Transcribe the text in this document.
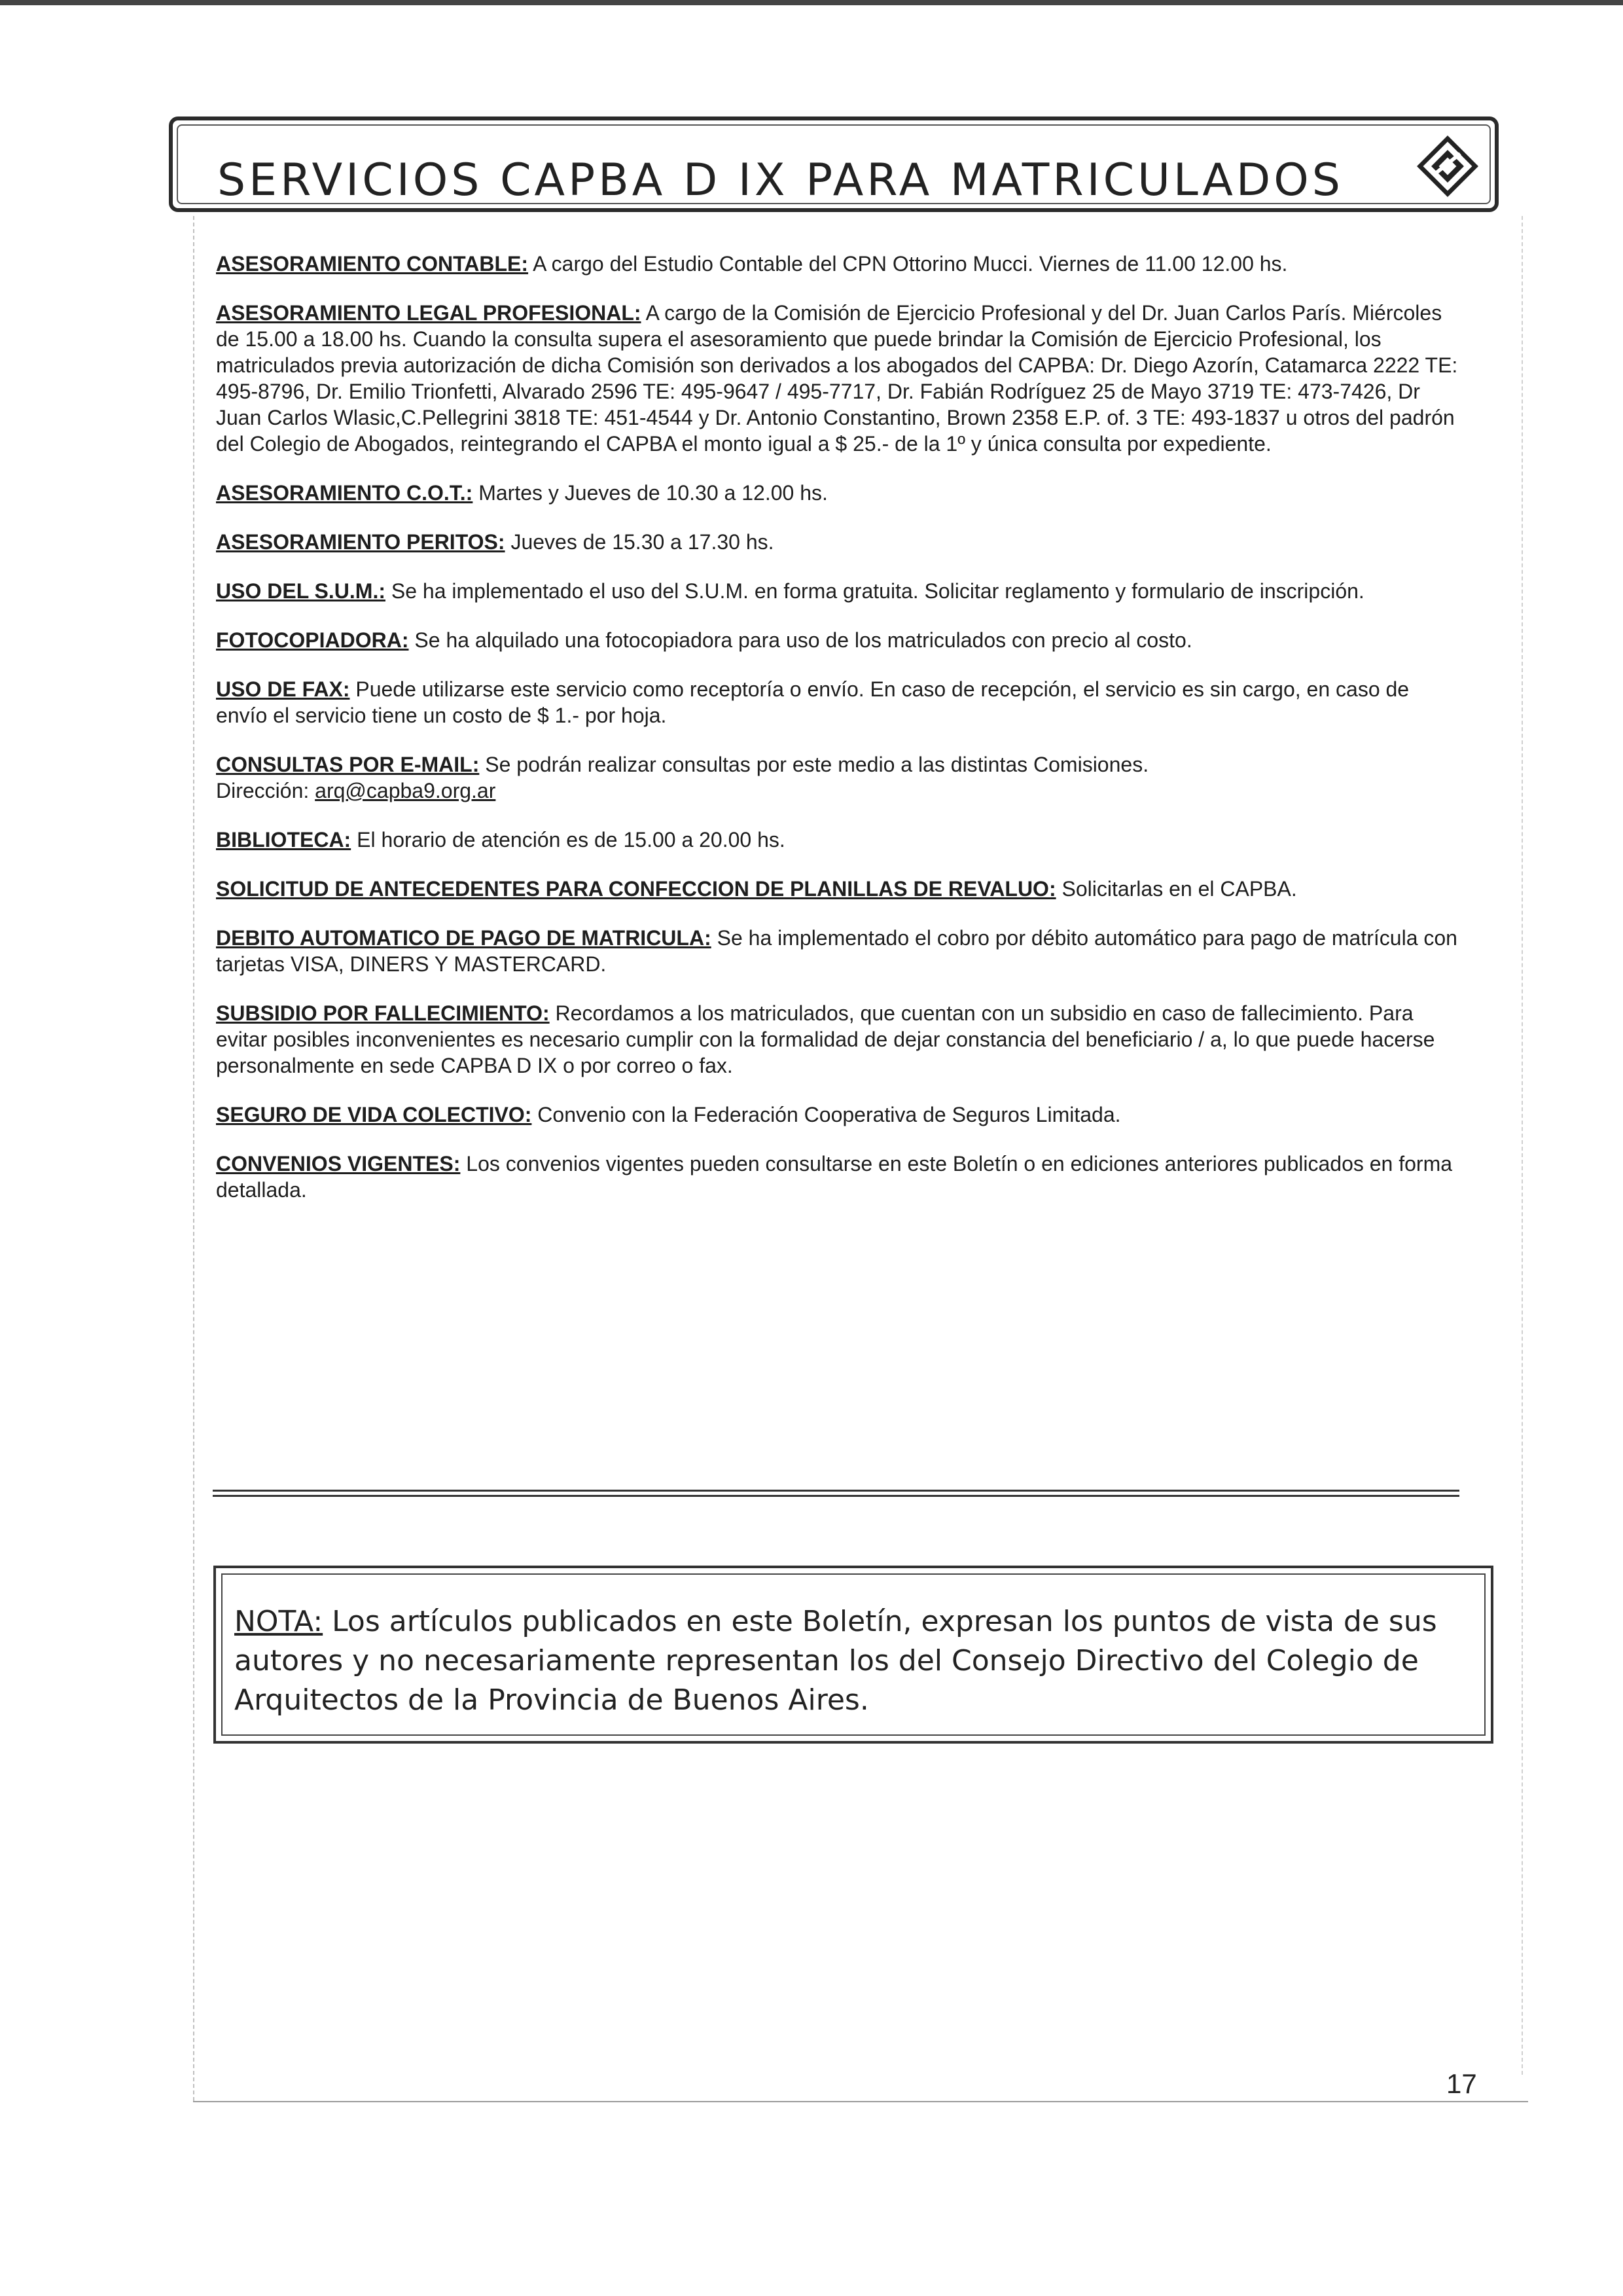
SERVICIOS CAPBA D IX PARA MATRICULADOS
ASESORAMIENTO CONTABLE: A cargo del Estudio Contable del CPN Ottorino Mucci. Viernes de 11.00 12.00 hs.
ASESORAMIENTO LEGAL PROFESIONAL: A cargo de la Comisión de Ejercicio Profesional y del Dr. Juan Carlos París. Miércoles de 15.00 a 18.00 hs. Cuando la consulta supera el asesoramiento que puede brindar la Comisión de Ejercicio Profesional, los matriculados previa autorización de dicha Comisión son derivados a los abogados del CAPBA: Dr. Diego Azorín, Catamarca 2222 TE: 495-8796, Dr. Emilio Trionfetti, Alvarado 2596 TE: 495-9647 / 495-7717, Dr. Fabián Rodríguez 25 de Mayo 3719 TE: 473-7426, Dr Juan Carlos Wlasic,C.Pellegrini 3818 TE: 451-4544 y Dr. Antonio Constantino, Brown 2358 E.P. of. 3 TE: 493-1837 u otros del padrón del Colegio de Abogados, reintegrando el CAPBA el monto igual a $ 25.- de la 1º y única consulta por expediente.
ASESORAMIENTO C.O.T.: Martes y Jueves de 10.30 a 12.00 hs.
ASESORAMIENTO PERITOS: Jueves de 15.30 a 17.30 hs.
USO DEL S.U.M.: Se ha implementado el uso del S.U.M. en forma gratuita. Solicitar reglamento y formulario de inscripción.
FOTOCOPIADORA: Se ha alquilado una fotocopiadora para uso de los matriculados con precio al costo.
USO DE FAX: Puede utilizarse este servicio como receptoría o envío. En caso de recepción, el servicio es sin cargo, en caso de envío el servicio tiene un costo de $ 1.- por hoja.
CONSULTAS POR E-MAIL: Se podrán realizar consultas por este medio a las distintas Comisiones.
Dirección: arq@capba9.org.ar
BIBLIOTECA: El horario de atención es de 15.00 a 20.00 hs.
SOLICITUD DE ANTECEDENTES PARA CONFECCION DE PLANILLAS DE REVALUO: Solicitarlas en el CAPBA.
DEBITO AUTOMATICO DE PAGO DE MATRICULA: Se ha implementado el cobro por débito automático para pago de matrícula con tarjetas VISA, DINERS Y MASTERCARD.
SUBSIDIO POR FALLECIMIENTO: Recordamos a los matriculados, que cuentan con un subsidio en caso de fallecimiento. Para evitar posibles inconvenientes es necesario cumplir con la formalidad de dejar constancia del beneficiario / a, lo que puede hacerse personalmente en sede CAPBA D IX o por correo o fax.
SEGURO DE VIDA COLECTIVO: Convenio con la Federación Cooperativa de Seguros Limitada.
CONVENIOS VIGENTES: Los convenios vigentes pueden consultarse en este Boletín o en ediciones anteriores publicados en forma detallada.
NOTA: Los artículos publicados en este Boletín, expresan los puntos de vista de sus autores y no necesariamente representan los del Consejo Directivo del Colegio de Arquitectos de la Provincia de Buenos Aires.
17
